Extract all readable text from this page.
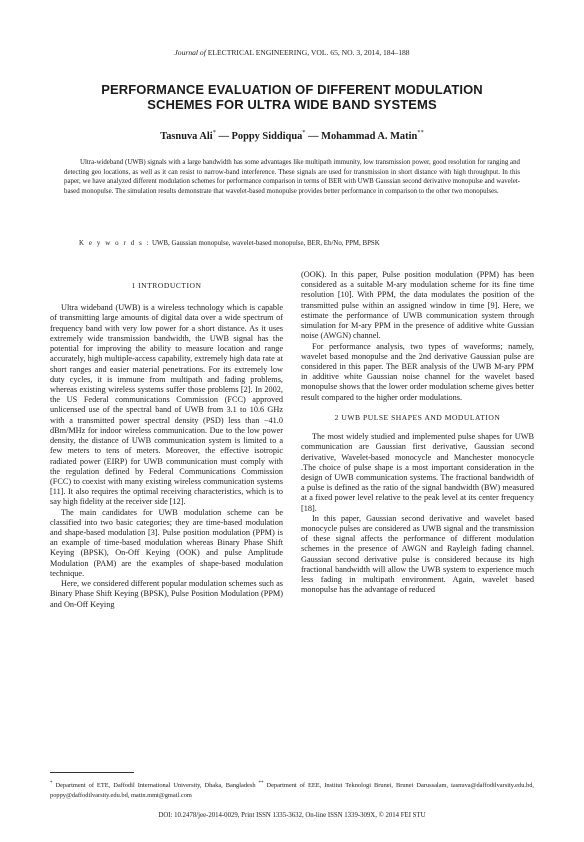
Journal of ELECTRICAL ENGINEERING, VOL. 65, NO. 3, 2014, 184–188
PERFORMANCE EVALUATION OF DIFFERENT MODULATION
SCHEMES FOR ULTRA WIDE BAND SYSTEMS
Tasnuva Ali* — Poppy Siddiqua* — Mohammad A. Matin**
Ultra-wideband (UWB) signals with a large bandwidth has some advantages like multipath immunity, low transmission power, good resolution for ranging and detecting geo locations, as well as it can resist to narrow-band interference. These signals are used for transmission in short distance with high throughput. In this paper, we have analyzed different modulation schemes for performance comparison in terms of BER with UWB Gaussian second derivative monopulse and wavelet-based monopulse. The simulation results demonstrate that wavelet-based monopulse provides better performance in comparison to the other two monopulses.
K e y w o r d s : UWB, Gaussian monopulse, wavelet-based monopulse, BER, Eb/No, PPM, BPSK
1 INTRODUCTION

Ultra wideband (UWB) is a wireless technology which is capable of transmitting large amounts of digital data over a wide spectrum of frequency band with very low power for a short distance. As it uses extremely wide transmission bandwidth, the UWB signal has the potential for improving the ability to measure location and range accurately, high multiple-access capability, extremely high data rate at short ranges and easier material penetrations. For its extremely low duty cycles, it is immune from multipath and fading problems, whereas existing wireless systems suffer those problems [2]. In 2002, the US Federal communications Commission (FCC) approved unlicensed use of the spectral band of UWB from 3.1 to 10.6 GHz with a transmitted power spectral density (PSD) less than −41.0 dBm/MHz for indoor wireless communication. Due to the low power density, the distance of UWB communication system is limited to a few meters to tens of meters. Moreover, the effective isotropic radiated power (EIRP) for UWB communication must comply with the regulation defined by Federal Communications Commission (FCC) to coexist with many existing wireless communication systems [11]. It also requires the optimal receiving characteristics, which is to say high fidelity at the receiver side [12].

The main candidates for UWB modulation scheme can be classified into two basic categories; they are time-based modulation and shape-based modulation [3]. Pulse position modulation (PPM) is an example of time-based modulation whereas Binary Phase Shift Keying (BPSK), On-Off Keying (OOK) and pulse Amplitude Modulation (PAM) are the examples of shape-based modulation technique.

Here, we considered different popular modulation schemes such as Binary Phase Shift Keying (BPSK), Pulse Position Modulation (PPM) and On-Off Keying

(OOK). In this paper, Pulse position modulation (PPM) has been considered as a suitable M-ary modulation scheme for its fine time resolution [10]. With PPM, the data modulates the position of the transmitted pulse within an assigned window in time [9]. Here, we estimate the performance of UWB communication system through simulation for M-ary PPM in the presence of additive white Gussian noise (AWGN) channel.

For performance analysis, two types of waveforms; namely, wavelet based monopulse and the 2nd derivative Gaussian pulse are considered in this paper. The BER analysis of the UWB M-ary PPM in additive white Gaussian noise channel for the wavelet based monopulse shows that the lower order modulation scheme gives better result compared to the higher order modulations.

2 UWB PULSE SHAPES AND MODULATION

The most widely studied and implemented pulse shapes for UWB communication are Gaussian first derivative, Gaussian second derivative, Wavelet-based monocycle and Manchester monocycle .The choice of pulse shape is a most important consideration in the design of UWB communication systems. The fractional bandwidth of a pulse is defined as the ratio of the signal bandwidth (BW) measured at a fixed power level relative to the peak level at its center frequency [18].

In this paper, Gaussian second derivative and wavelet based monocycle pulses are considered as UWB signal and the transmission of these signal affects the performance of different modulation schemes in the presence of AWGN and Rayleigh fading channel. Gaussian second derivative pulse is considered because its high fractional bandwidth will allow the UWB system to experience much less fading in multipath environment. Again, wavelet based monopulse has the advantage of reduced

* Department of ETE, Daffodil International University, Dhaka, Bangladesh ** Department of EEE, Institut Teknologi Brunei, Brunei Darussalam, tasnuva@daffodilvarsity.edu.bd, poppy@daffodilvarsity.edu.bd, matin.mmt@gmail.com
DOI: 10.2478/jee-2014-0029, Print ISSN 1335-3632, On-line ISSN 1339-309X, © 2014 FEI STU
